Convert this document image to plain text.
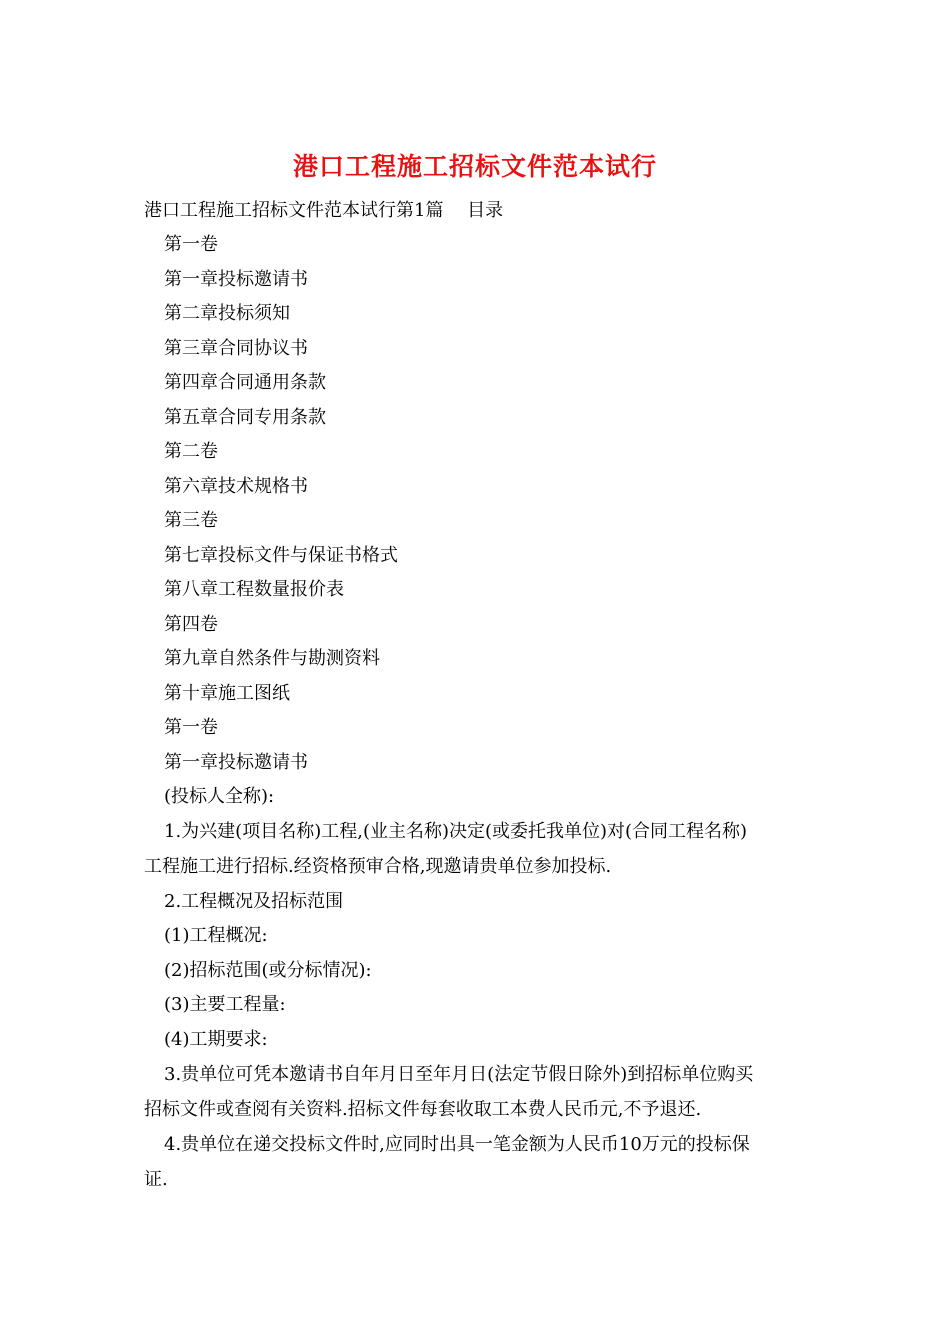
港口工程施工招标文件范本试行
港口工程施工招标文件范本试行第1篇　 目录
第一卷
第一章投标邀请书
第二章投标须知
第三章合同协议书
第四章合同通用条款
第五章合同专用条款
第二卷
第六章技术规格书
第三卷
第七章投标文件与保证书格式
第八章工程数量报价表
第四卷
第九章自然条件与勘测资料
第十章施工图纸
第一卷
第一章投标邀请书
(投标人全称):
1.为兴建(项目名称)工程,(业主名称)决定(或委托我单位)对(合同工程名称)
工程施工进行招标.经资格预审合格,现邀请贵单位参加投标.
2.工程概况及招标范围
(1)工程概况:
(2)招标范围(或分标情况):
(3)主要工程量:
(4)工期要求:
3.贵单位可凭本邀请书自年月日至年月日(法定节假日除外)到招标单位购买
招标文件或查阅有关资料.招标文件每套收取工本费人民币元,不予退还.
4.贵单位在递交投标文件时,应同时出具一笔金额为人民币10万元的投标保
证.
